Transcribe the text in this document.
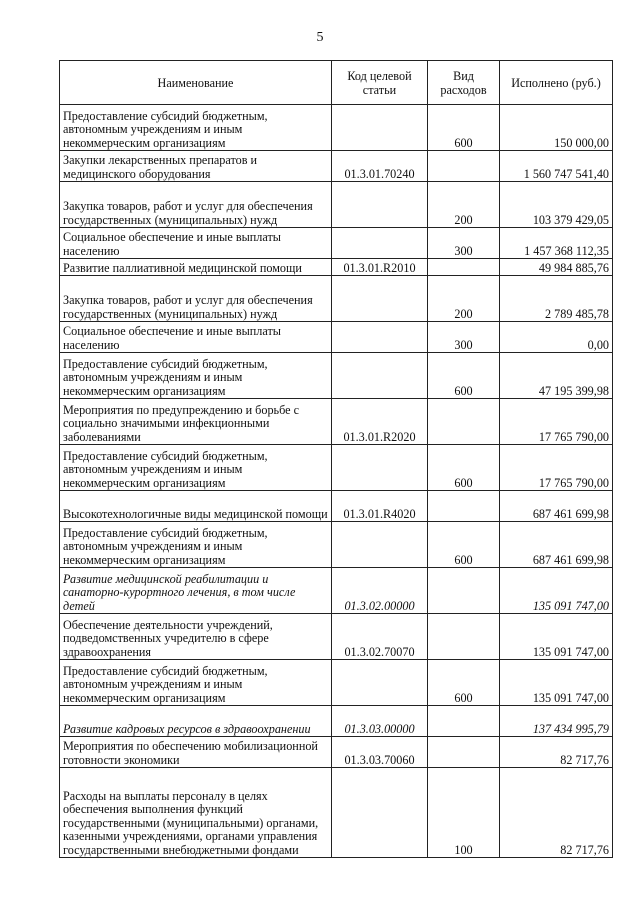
5
Наименование	Код целевой статьи	Вид расходов	Исполнено (руб.)
Предоставление субсидий бюджетным, автономным учреждениям и иным некоммерческим организациям		600	150 000,00
Закупки лекарственных препаратов и медицинского оборудования	01.3.01.70240		1 560 747 541,40
Закупка товаров, работ и услуг для обеспечения государственных (муниципальных) нужд		200	103 379 429,05
Социальное обеспечение и иные выплаты населению		300	1 457 368 112,35
Развитие паллиативной медицинской помощи	01.3.01.R2010		49 984 885,76
Закупка товаров, работ и услуг для обеспечения государственных (муниципальных) нужд		200	2 789 485,78
Социальное обеспечение и иные выплаты населению		300	0,00
Предоставление субсидий бюджетным, автономным учреждениям и иным некоммерческим организациям		600	47 195 399,98
Мероприятия по предупреждению и борьбе с социально значимыми инфекционными заболеваниями	01.3.01.R2020		17 765 790,00
Предоставление субсидий бюджетным, автономным учреждениям и иным некоммерческим организациям		600	17 765 790,00
Высокотехнологичные виды медицинской помощи	01.3.01.R4020		687 461 699,98
Предоставление субсидий бюджетным, автономным учреждениям и иным некоммерческим организациям		600	687 461 699,98
Развитие медицинской реабилитации и санаторно-курортного лечения, в том числе детей	01.3.02.00000		135 091 747,00
Обеспечение деятельности учреждений, подведомственных учредителю в сфере здравоохранения	01.3.02.70070		135 091 747,00
Предоставление субсидий бюджетным, автономным учреждениям и иным некоммерческим организациям		600	135 091 747,00
Развитие кадровых ресурсов в здравоохранении	01.3.03.00000		137 434 995,79
Мероприятия по обеспечению мобилизационной готовности экономики	01.3.03.70060		82 717,76
Расходы на выплаты персоналу в целях обеспечения выполнения функций государственными (муниципальными) органами, казенными учреждениями, органами управления государственными внебюджетными фондами		100	82 717,76
